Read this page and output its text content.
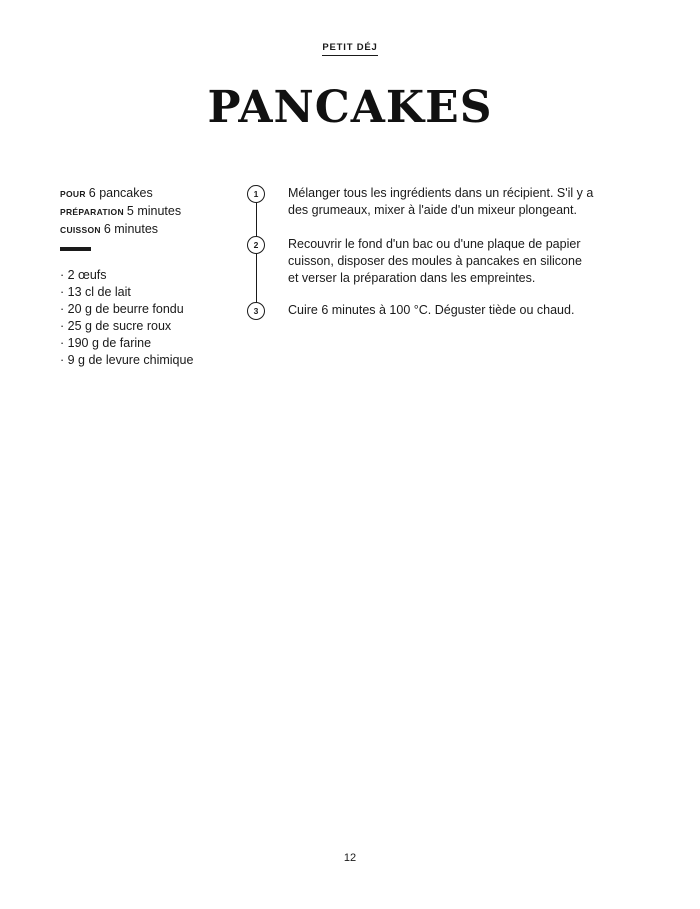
PETIT DÉJ
PANCAKES
POUR 6 pancakes
PRÉPARATION 5 minutes
CUISSON 6 minutes
· 2 œufs
· 13 cl de lait
· 20 g de beurre fondu
· 25 g de sucre roux
· 190 g de farine
· 9 g de levure chimique
1	Mélanger tous les ingrédients dans un récipient. S'il y a
des grumeaux, mixer à l'aide d'un mixeur plongeant.
2	Recouvrir le fond d'un bac ou d'une plaque de papier
cuisson, disposer des moules à pancakes en silicone
et verser la préparation dans les empreintes.
3	Cuire 6 minutes à 100 °C. Déguster tiède ou chaud.
12
